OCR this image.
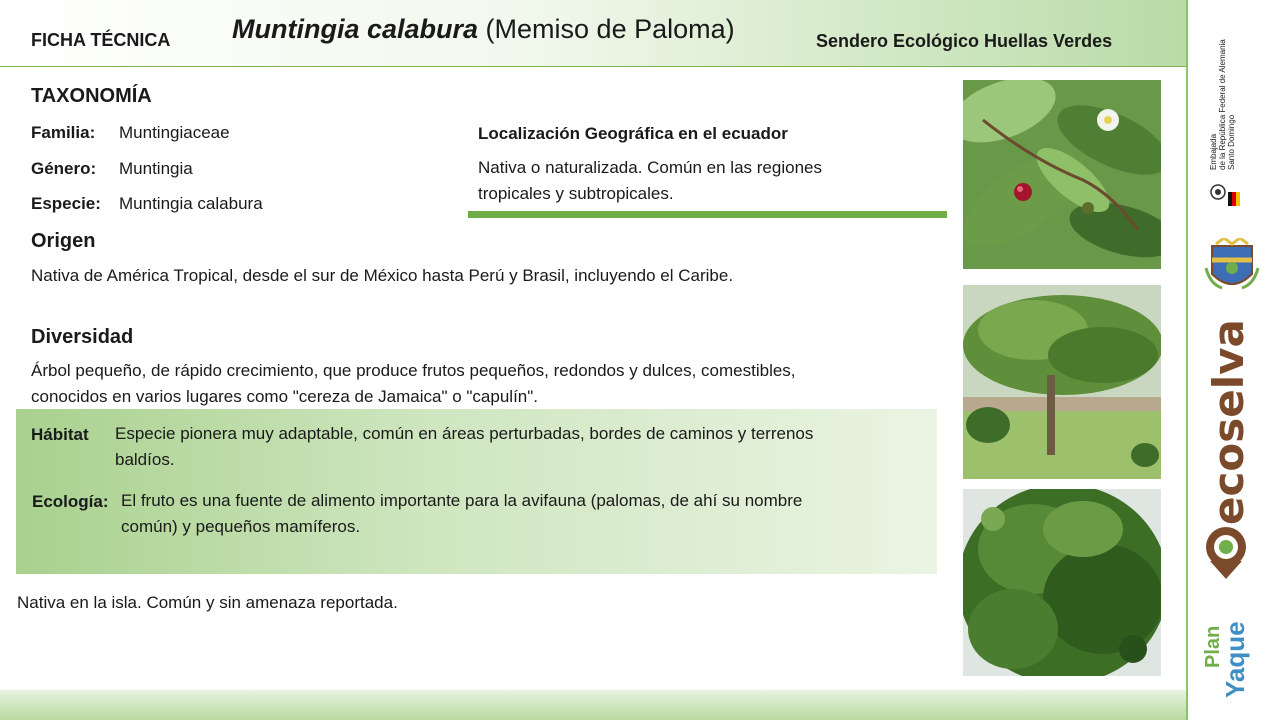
FICHA TÉCNICA Muntingia calabura (Memiso de Paloma)	Sendero Ecológico Huellas Verdes
TAXONOMÍA
Familia: Muntingiaceae
Género: Muntingia
Especie: Muntingia calabura
Localización Geográfica en el ecuador
Nativa o naturalizada. Común en las regiones
tropicales y subtropicales.
Origen
Nativa de América Tropical, desde el sur de México hasta Perú y Brasil, incluyendo el Caribe.
Diversidad
Árbol pequeño, de rápido crecimiento, que produce frutos pequeños, redondos y dulces, comestibles,
conocidos en varios lugares como "cereza de Jamaica" o "capulín".
Hábitat Especie pionera muy adaptable, común en áreas perturbadas, bordes de caminos y terrenos
baldíos.
Ecología: El fruto es una fuente de alimento importante para la avifauna (palomas, de ahí su nombre
común) y pequeños mamíferos.
Nativa en la isla. Común y sin amenaza reportada.
Embajada de la República Federal de Alemania Santo Domingo
ecoselva
Plan
Yaque
